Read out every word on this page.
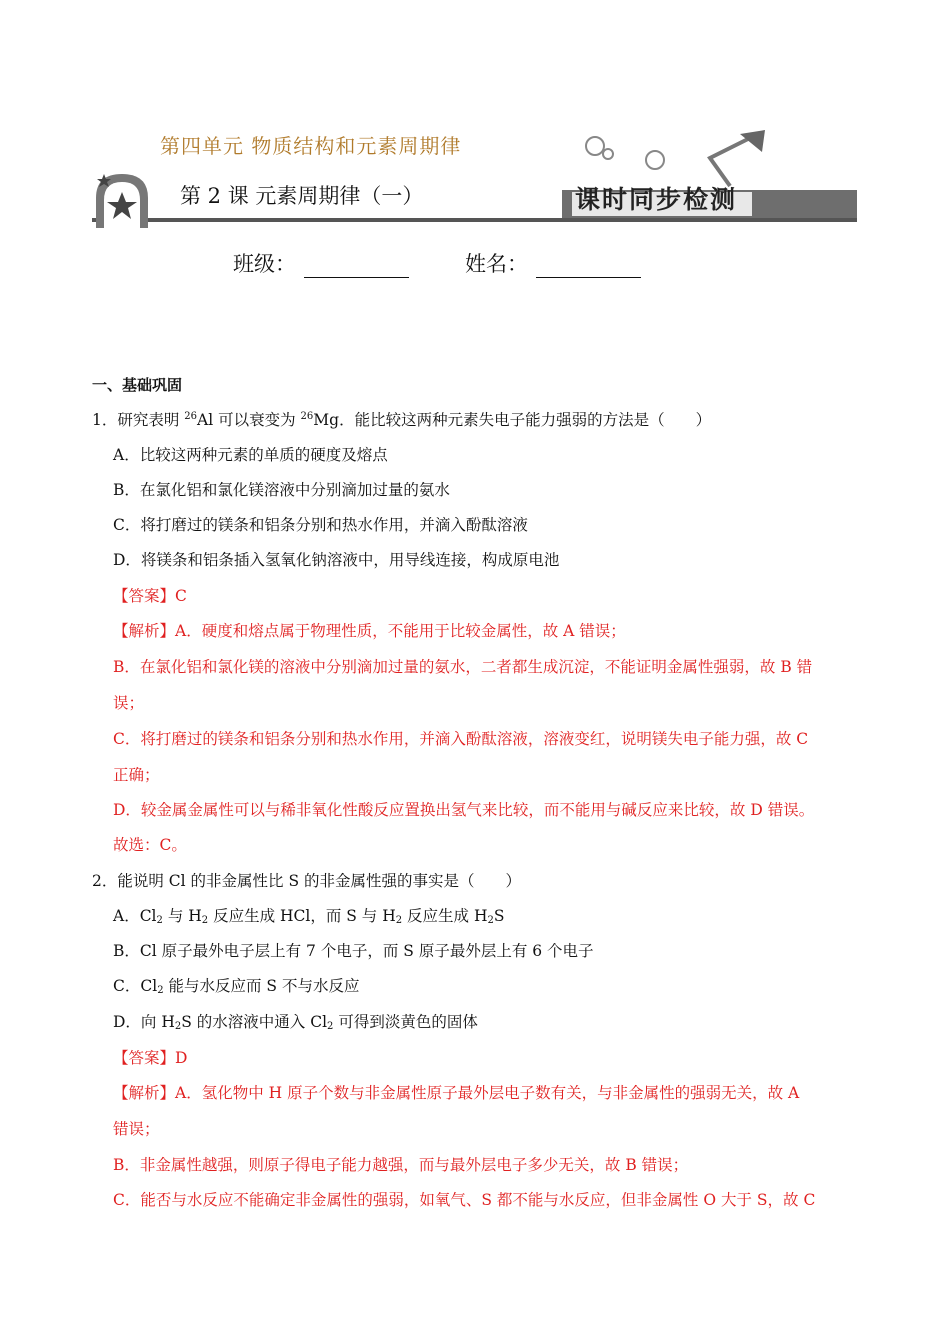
第四单元 物质结构和元素周期律
第 2 课 元素周期律（一）	课时同步检测
班级：	姓名：
一、基础巩固
1．研究表明 $^{26}$Al 可以衰变为 $^{26}$Mg．能比较这两种元素失电子能力强弱的方法是（　　）
A．比较这两种元素的单质的硬度及熔点
B．在氯化铝和氯化镁溶液中分别滴加过量的氨水
C．将打磨过的镁条和铝条分别和热水作用，并滴入酚酞溶液
D．将镁条和铝条插入氢氧化钠溶液中，用导线连接，构成原电池
【答案】C
【解析】A．硬度和熔点属于物理性质，不能用于比较金属性，故 A 错误；
B．在氯化铝和氯化镁的溶液中分别滴加过量的氨水，二者都生成沉淀，不能证明金属性强弱，故 B 错
误；
C．将打磨过的镁条和铝条分别和热水作用，并滴入酚酞溶液，溶液变红，说明镁失电子能力强，故 C
正确；
D．较金属金属性可以与稀非氧化性酸反应置换出氢气来比较，而不能用与碱反应来比较，故 D 错误。
故选：C。
2．能说明 Cl 的非金属性比 S 的非金属性强的事实是（　　）
A．$Cl_2$ 与 $H_2$ 反应生成 HCl，而 S 与 $H_2$ 反应生成 $H_2S$
B．Cl 原子最外电子层上有 7 个电子，而 S 原子最外层上有 6 个电子
C．$Cl_2$ 能与水反应而 S 不与水反应
D．向 $H_2S$ 的水溶液中通入 $Cl_2$ 可得到淡黄色的固体
【答案】D
【解析】A．氢化物中 H 原子个数与非金属性原子最外层电子数有关，与非金属性的强弱无关，故 A
错误；
B．非金属性越强，则原子得电子能力越强，而与最外层电子多少无关，故 B 错误；
C．能否与水反应不能确定非金属性的强弱，如氧气、S 都不能与水反应，但非金属性 O 大于 S，故 C
